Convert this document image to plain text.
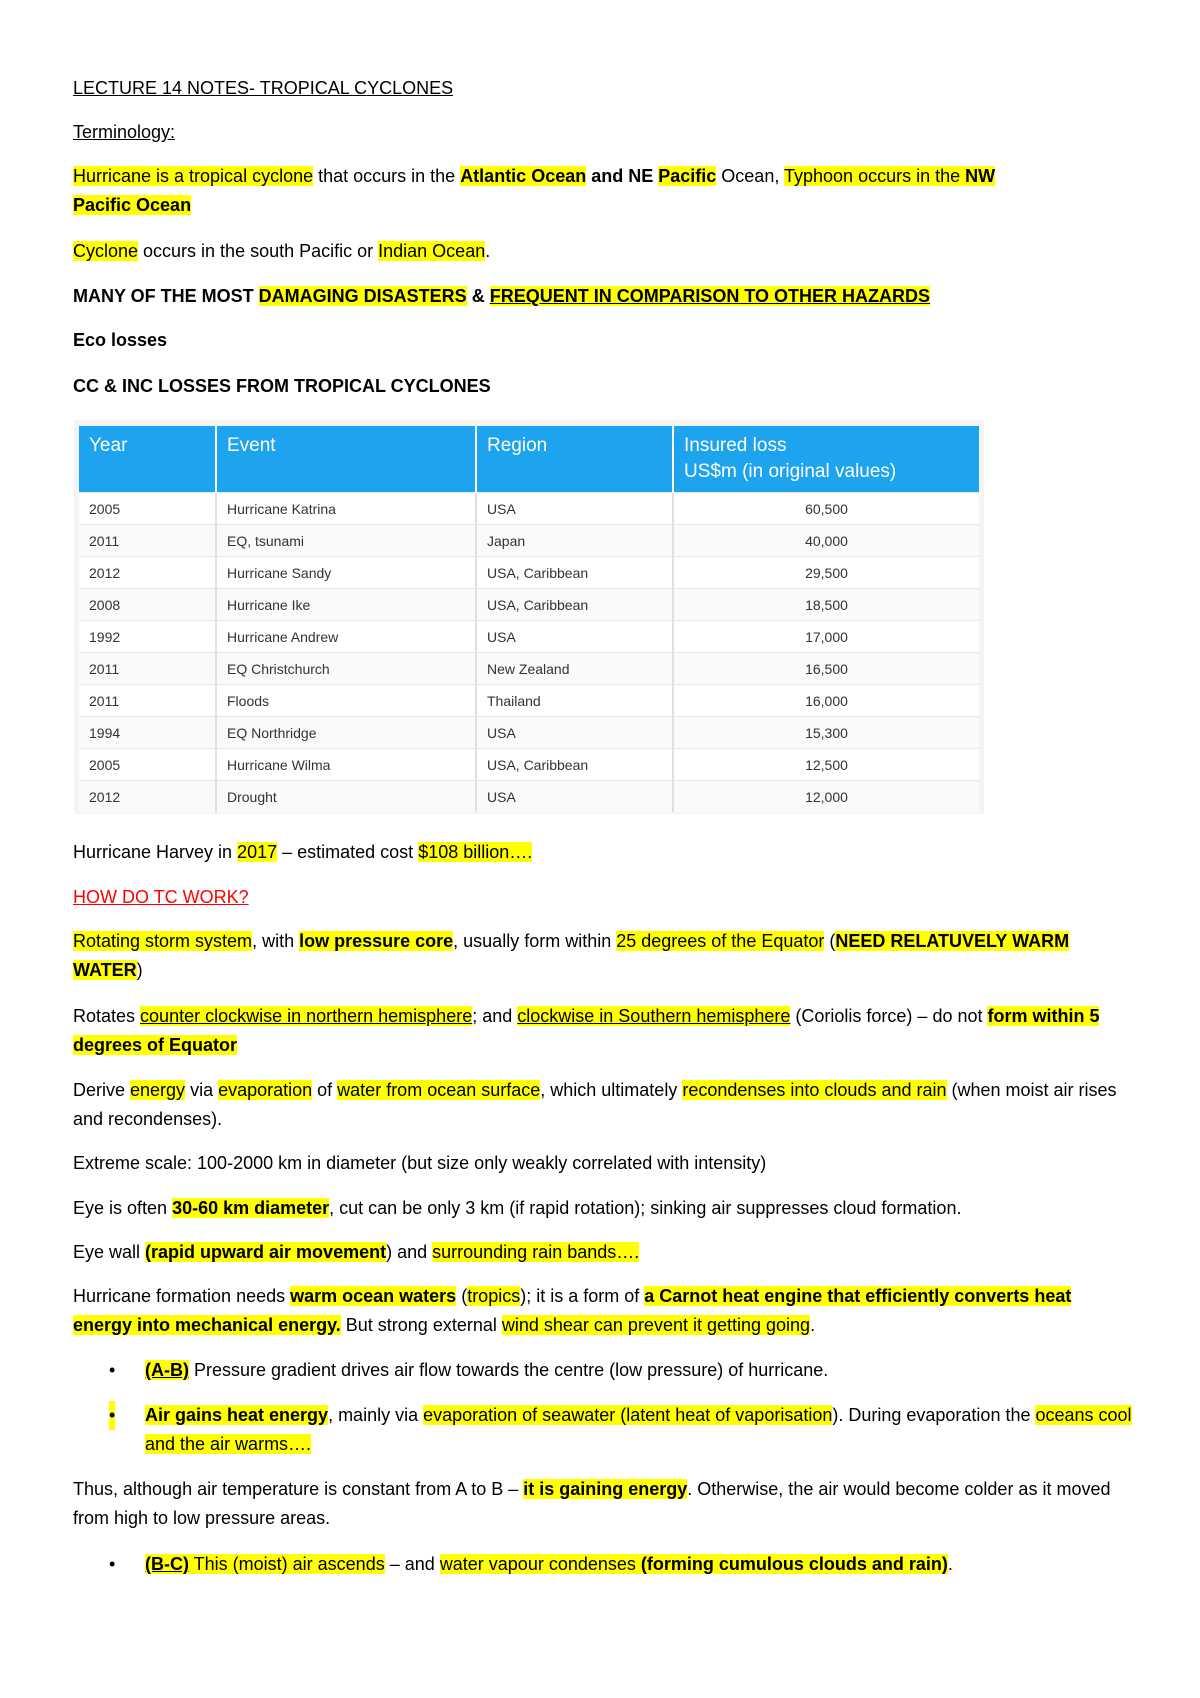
LECTURE 14 NOTES- TROPICAL CYCLONES

Terminology:

Hurricane is a tropical cyclone that occurs in the Atlantic Ocean and NE Pacific Ocean, Typhoon occurs in the NW
Pacific Ocean

Cyclone occurs in the south Pacific or Indian Ocean.

MANY OF THE MOST DAMAGING DISASTERS & FREQUENT IN COMPARISON TO OTHER HAZARDS

Eco losses

CC & INC LOSSES FROM TROPICAL CYCLONES

Year	Event	Region	Insured loss
US$m (in original values)
2005	Hurricane Katrina	USA	60,500
2011	EQ, tsunami	Japan	40,000
2012	Hurricane Sandy	USA, Caribbean	29,500
2008	Hurricane Ike	USA, Caribbean	18,500
1992	Hurricane Andrew	USA	17,000
2011	EQ Christchurch	New Zealand	16,500
2011	Floods	Thailand	16,000
1994	EQ Northridge	USA	15,300
2005	Hurricane Wilma	USA, Caribbean	12,500
2012	Drought	USA	12,000

Hurricane Harvey in 2017 – estimated cost $108 billion….

HOW DO TC WORK?

Rotating storm system, with low pressure core, usually form within 25 degrees of the Equator (NEED RELATUVELY WARM WATER)

Rotates counter clockwise in northern hemisphere; and clockwise in Southern hemisphere (Coriolis force) – do not form within 5 degrees of Equator

Derive energy via evaporation of water from ocean surface, which ultimately recondenses into clouds and rain (when moist air rises and recondenses).

Extreme scale: 100-2000 km in diameter (but size only weakly correlated with intensity)

Eye is often 30-60 km diameter, cut can be only 3 km (if rapid rotation); sinking air suppresses cloud formation.

Eye wall (rapid upward air movement) and surrounding rain bands….

Hurricane formation needs warm ocean waters (tropics); it is a form of a Carnot heat engine that efficiently converts heat energy into mechanical energy. But strong external wind shear can prevent it getting going.

• (A-B) Pressure gradient drives air flow towards the centre (low pressure) of hurricane.

• Air gains heat energy, mainly via evaporation of seawater (latent heat of vaporisation). During evaporation the oceans cool and the air warms….

Thus, although air temperature is constant from A to B – it is gaining energy. Otherwise, the air would become colder as it moved from high to low pressure areas.

• (B-C) This (moist) air ascends – and water vapour condenses (forming cumulous clouds and rain).
